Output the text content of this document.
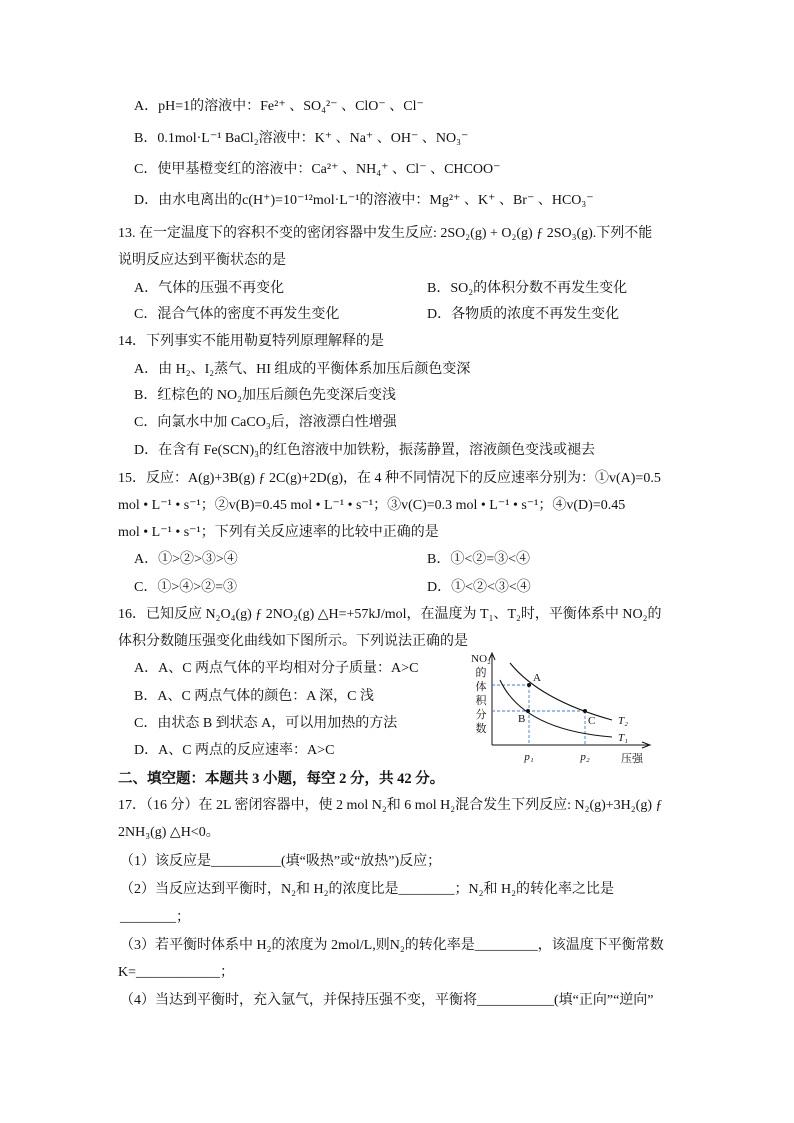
A．pH=1的溶液中：Fe²⁺ 、SO₄²⁻ 、ClO⁻ 、Cl⁻
B．0.1mol·L⁻¹ BaCl₂溶液中：K⁺ 、Na⁺ 、OH⁻ 、NO₃⁻
C．使甲基橙变红的溶液中：Ca²⁺ 、NH₄⁺ 、Cl⁻ 、CHCOO⁻
D．由水电离出的c(H⁺)=10⁻¹²mol·L⁻¹的溶液中：Mg²⁺ 、K⁺ 、Br⁻ 、HCO₃⁻
13. 在一定温度下的容积不变的密闭容器中发生反应: 2SO₂(g) + O₂(g) ƒ 2SO₃(g).下列不能
说明反应达到平衡状态的是
A．气体的压强不再变化	B．SO₂的体积分数不再发生变化
C．混合气体的密度不再发生变化	D．各物质的浓度不再发生变化
14．下列事实不能用勒夏特列原理解释的是
A．由 H₂、I₂蒸气、HI 组成的平衡体系加压后颜色变深
B．红棕色的 NO₂加压后颜色先变深后变浅
C．向氯水中加 CaCO₃后，溶液漂白性增强
D．在含有 Fe(SCN)₃的红色溶液中加铁粉，振荡静置，溶液颜色变浅或褪去
15．反应：A(g)+3B(g) ƒ 2C(g)+2D(g)，在 4 种不同情况下的反应速率分别为：①v(A)=0.5
mol • L⁻¹ • s⁻¹；②v(B)=0.45 mol • L⁻¹ • s⁻¹；③v(C)=0.3 mol • L⁻¹ • s⁻¹；④v(D)=0.45
mol • L⁻¹ • s⁻¹；下列有关反应速率的比较中正确的是
A．①>②>③>④	B．①<②=③<④
C．①>④>②=③	D．①<②<③<④
16．已知反应 N₂O₄(g) ƒ 2NO₂(g) △H=+57kJ/mol，在温度为 T₁、T₂时，平衡体系中 NO₂的
体积分数随压强变化曲线如下图所示。下列说法正确的是
A．A、C 两点气体的平均相对分子质量：A>C
B．A、C 两点气体的颜色：A 深，C 浅
C．由状态 B 到状态 A，可以用加热的方法
D．A、C 两点的反应速率：A>C
A
B	C T₂
T₁
p₁	p₂	压强
NO₂
的
体
积
分
数
二、填空题：本题共 3 小题，每空 2 分，共 42 分。
17．（16 分）在 2L 密闭容器中，使 2 mol N₂和 6 mol H₂混合发生下列反应: N₂(g)+3H₂(g) ƒ
2NH₃(g) △H<0。
（1）该反应是__________(填“吸热”或“放热”)反应；
（2）当反应达到平衡时，N₂和 H₂的浓度比是________；N₂和 H₂的转化率之比是
________；
（3）若平衡时体系中 H₂的浓度为 2mol/L,则N₂的转化率是_________，该温度下平衡常数
K=____________；
（4）当达到平衡时，充入氩气，并保持压强不变，平衡将___________(填“正向”“逆向”
